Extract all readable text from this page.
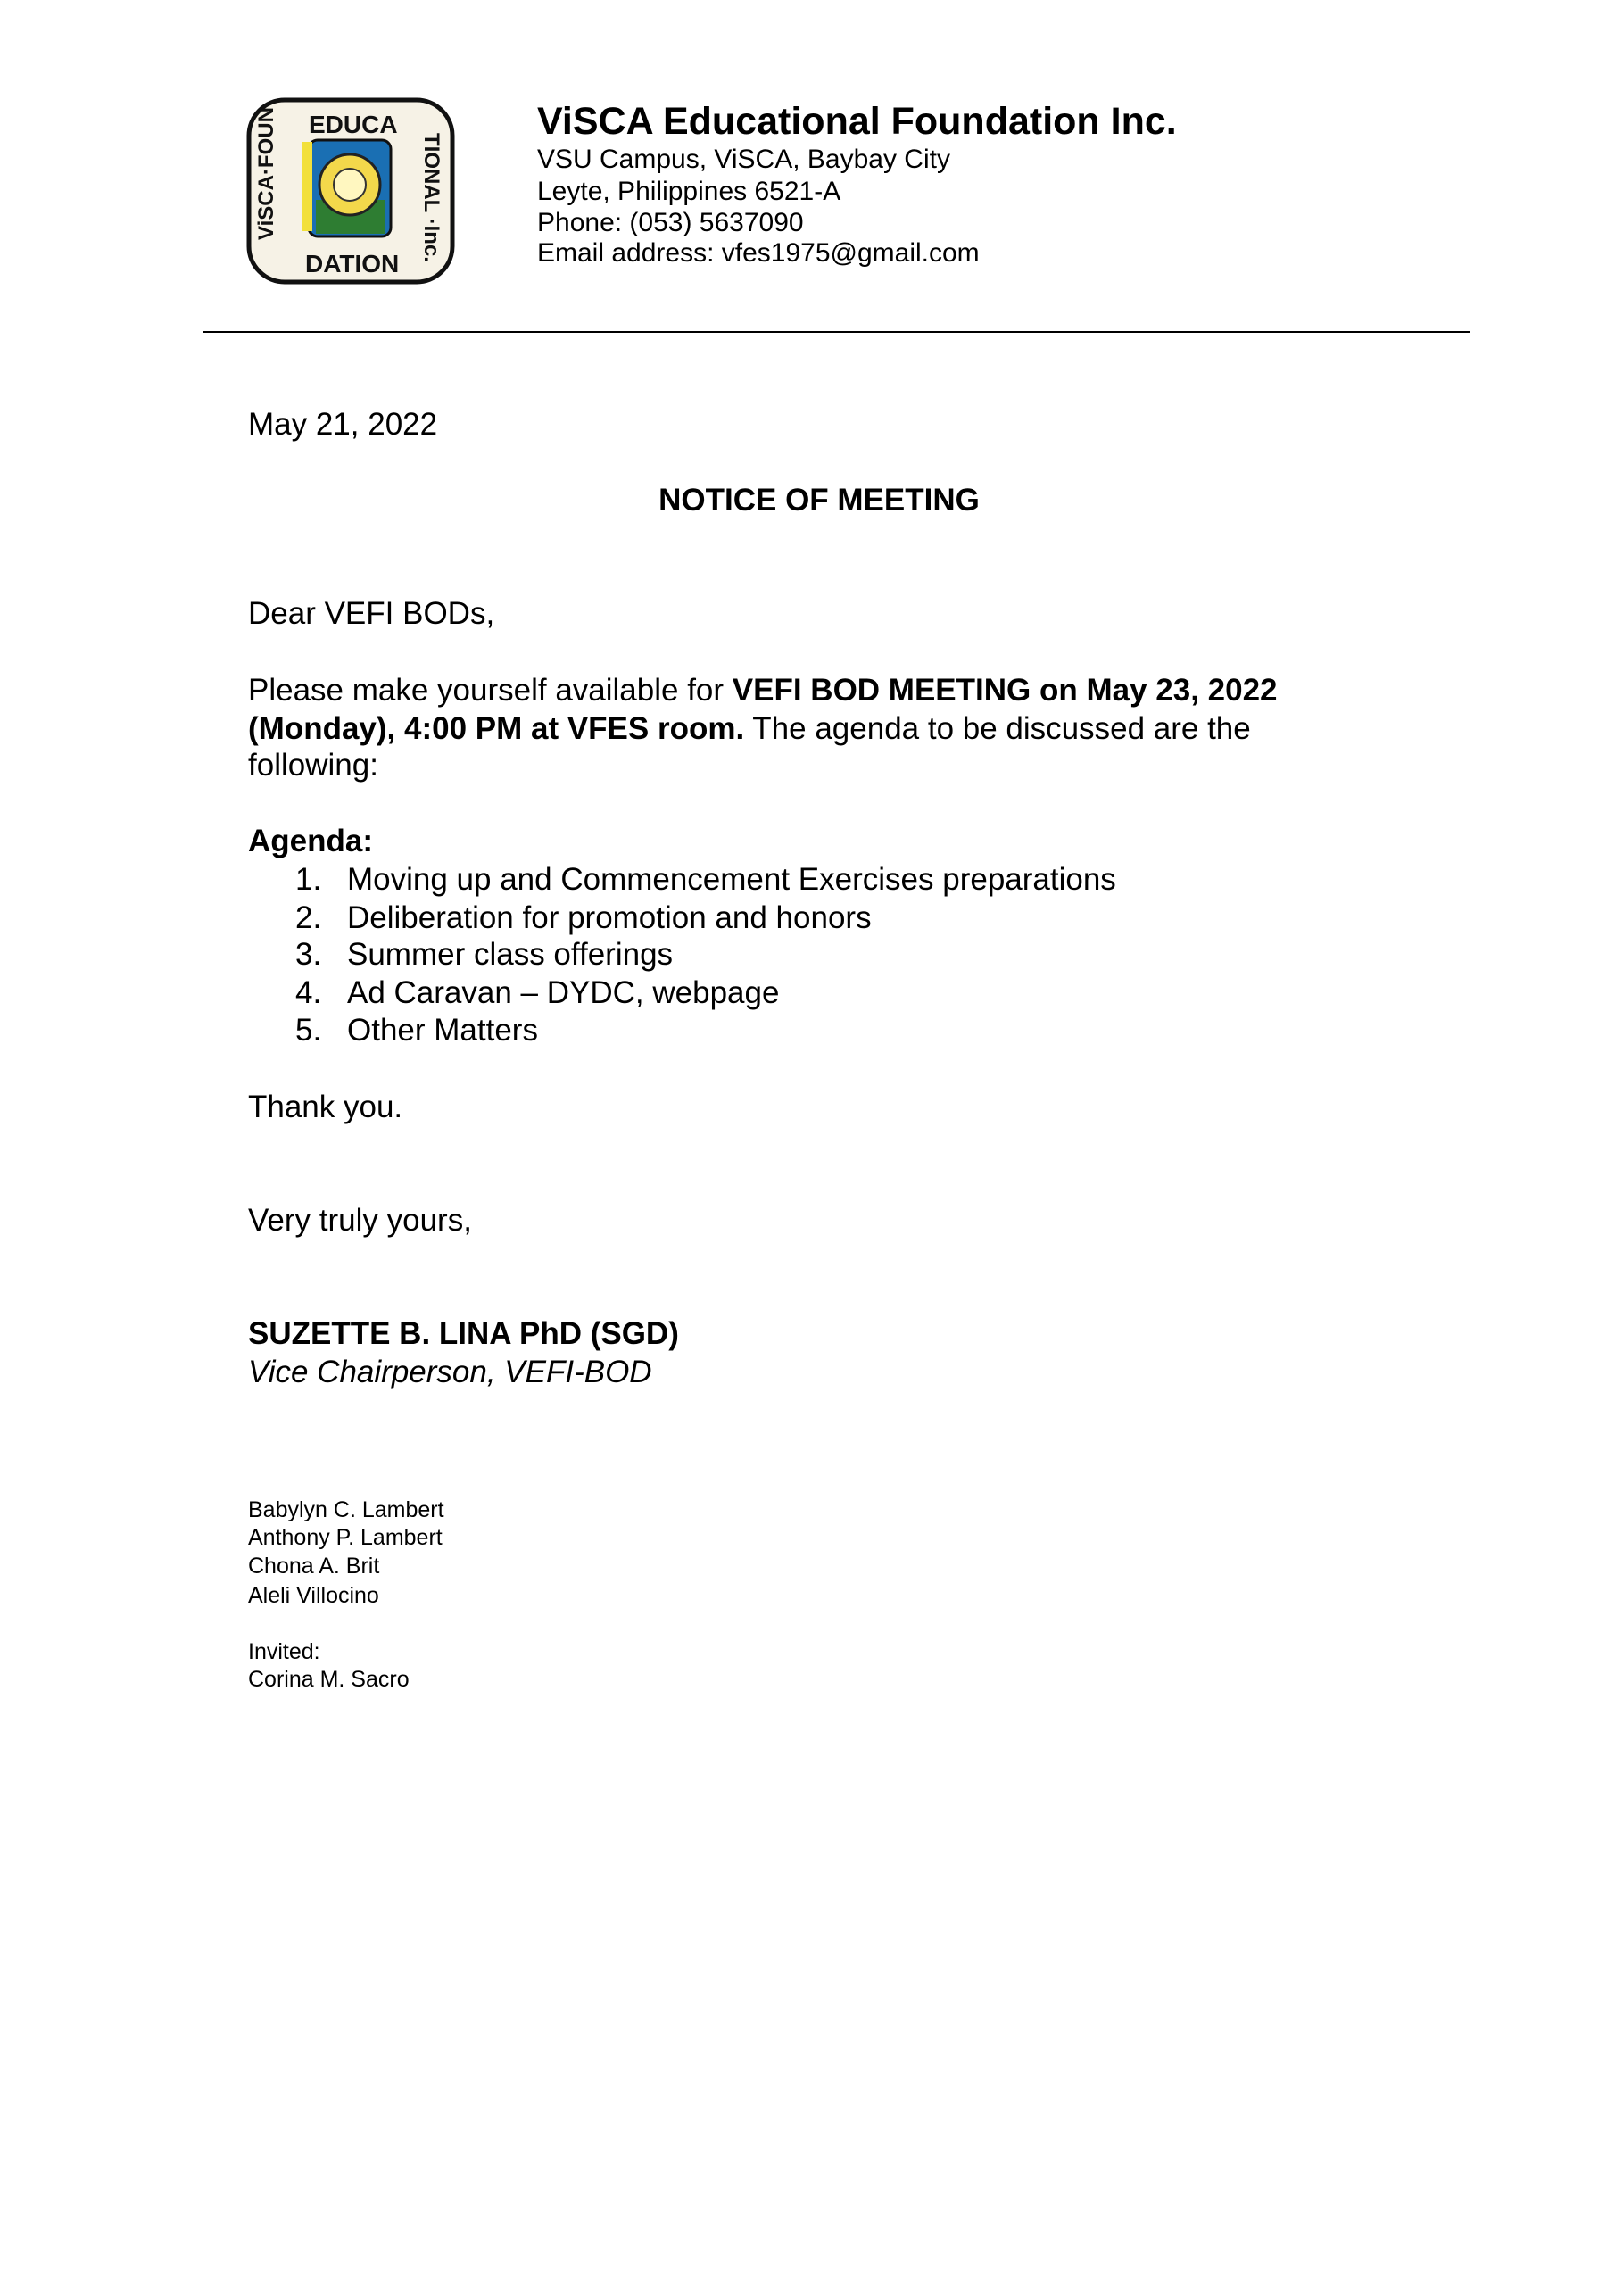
EDUCA
DATION
ViSCA·FOUN	TIONAL ·Inc.
ViSCA Educational Foundation Inc.
VSU Campus, ViSCA, Baybay City
Leyte, Philippines 6521-A
Phone: (053) 5637090
Email address: vfes1975@gmail.com
May 21, 2022
NOTICE OF MEETING
Dear VEFI BODs,
Please make yourself available for VEFI BOD MEETING on May 23, 2022
(Monday), 4:00 PM at VFES room. The agenda to be discussed are the
following:
Agenda:
1. Moving up and Commencement Exercises preparations
2. Deliberation for promotion and honors
3. Summer class offerings
4. Ad Caravan – DYDC, webpage
5. Other Matters
Thank you.
Very truly yours,
SUZETTE B. LINA PhD (SGD)
Vice Chairperson, VEFI-BOD
Babylyn C. Lambert
Anthony P. Lambert
Chona A. Brit
Aleli Villocino
Invited:
Corina M. Sacro
